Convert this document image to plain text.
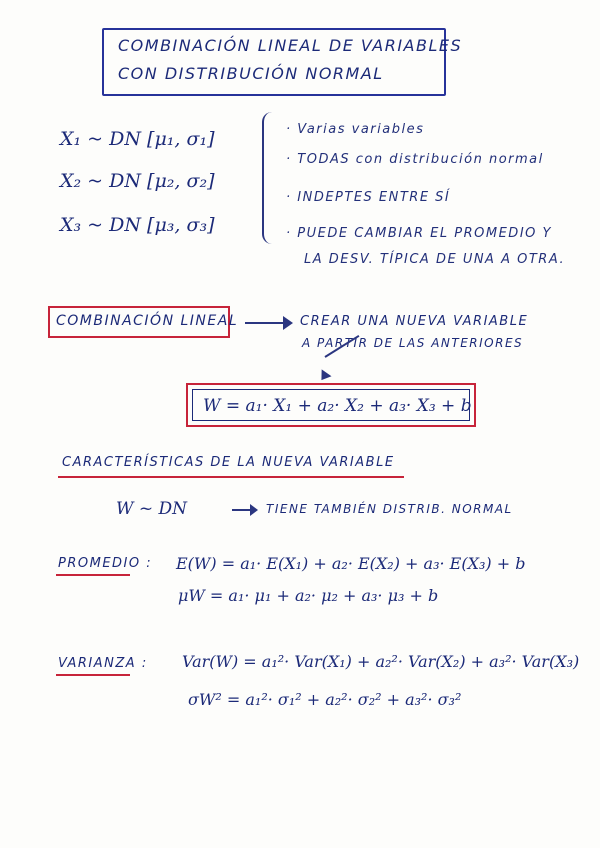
COMBINACIÓN LINEAL DE VARIABLES
CON DISTRIBUCIÓN NORMAL
X₁ ~ DN [μ₁, σ₁]
X₂ ~ DN [μ₂, σ₂]
X₃ ~ DN [μ₃, σ₃]
· Varias variables
· TODAS con distribución normal
· INDEPTES ENTRE SÍ
· PUEDE CAMBIAR EL PROMEDIO Y
LA DESV. TÍPICA DE UNA A OTRA.
COMBINACIÓN LINEAL	CREAR UNA NUEVA VARIABLE
A PARTIR DE LAS ANTERIORES
W = a₁· X₁ + a₂· X₂ + a₃· X₃ + b
CARACTERÍSTICAS DE LA NUEVA VARIABLE
W ~ DN	TIENE TAMBIÉN DISTRIB. NORMAL
PROMEDIO : E(W) = a₁· E(X₁) + a₂· E(X₂) + a₃· E(X₃) + b
μW = a₁· μ₁ + a₂· μ₂ + a₃· μ₃ + b
VARIANZA : Var(W) = a₁²· Var(X₁) + a₂²· Var(X₂) + a₃²· Var(X₃)
σW² = a₁²· σ₁² + a₂²· σ₂² + a₃²· σ₃²
